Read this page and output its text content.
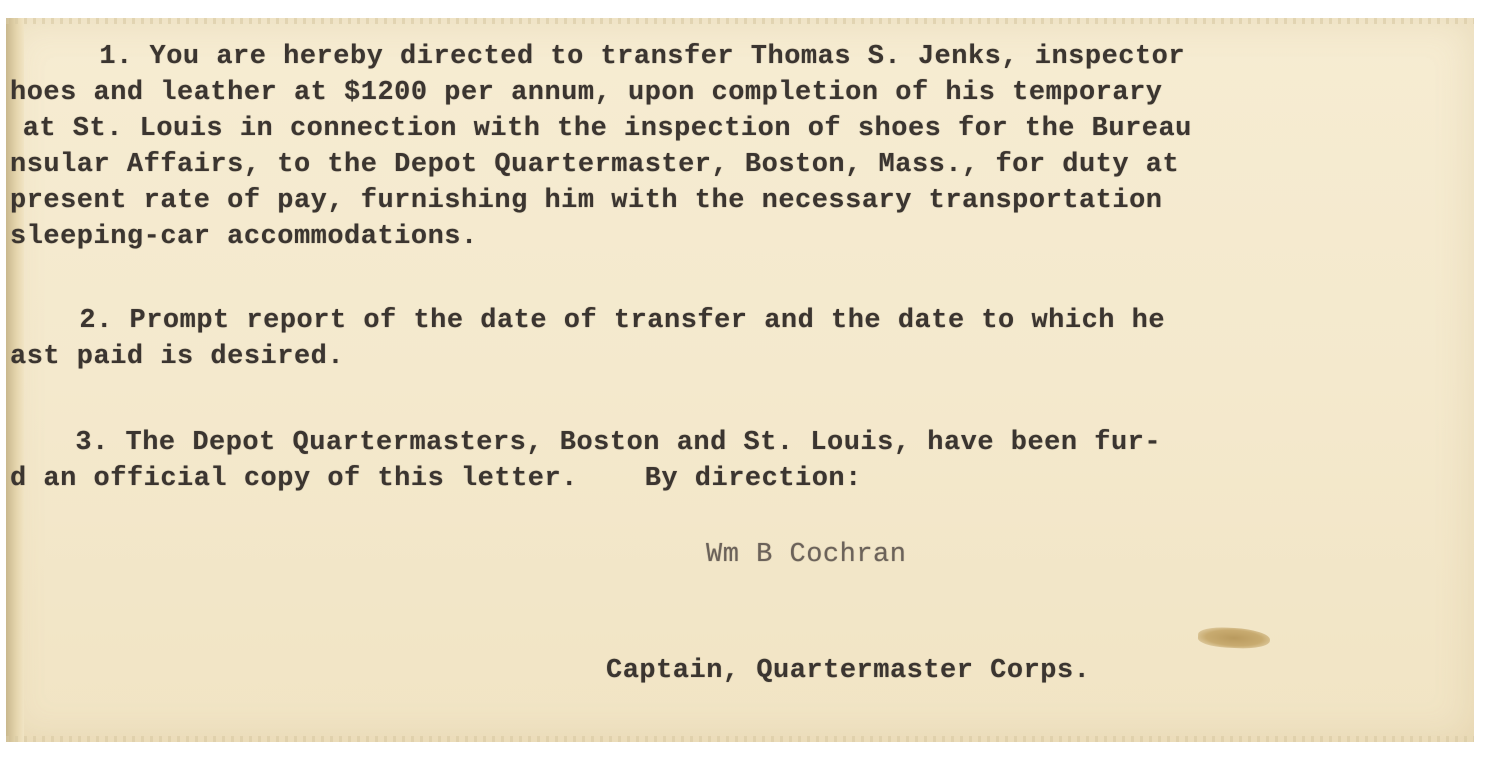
1. You are hereby directed to transfer Thomas S. Jenks, inspector

hoes and leather at $1200 per annum, upon completion of his temporary

at St. Louis in connection with the inspection of shoes for the Bureau

nsular Affairs, to the Depot Quartermaster, Boston, Mass., for duty at

present rate of pay, furnishing him with the necessary transportation

sleeping-car accommodations.

2. Prompt report of the date of transfer and the date to which he

ast paid is desired.

3. The Depot Quartermasters, Boston and St. Louis, have been fur-

d an official copy of this letter.    By direction:

Wm B Cochran
Captain, Quartermaster Corps.
